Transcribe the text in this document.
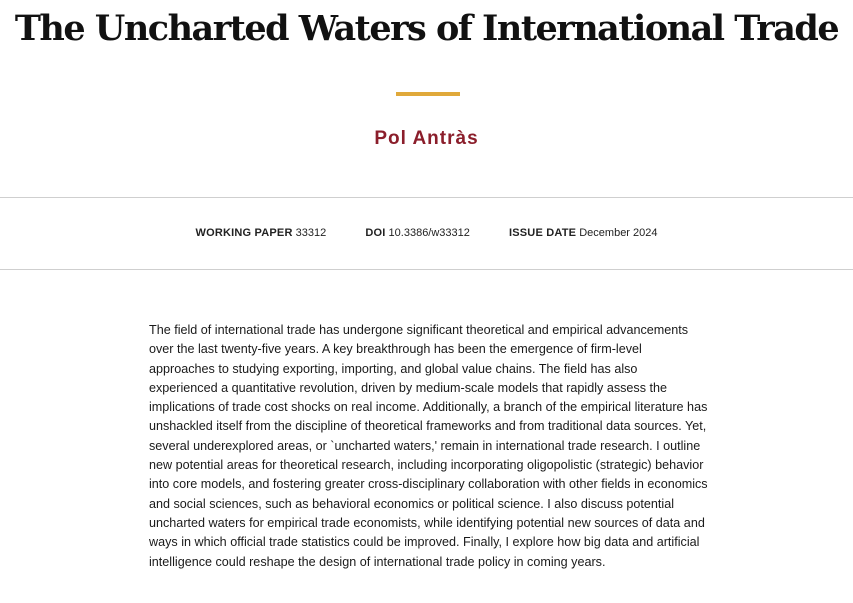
The Uncharted Waters of International Trade
Pol Antràs
WORKING PAPER 33312	DOI 10.3386/w33312	ISSUE DATE December 2024

The field of international trade has undergone significant theoretical and empirical advancements over the last twenty-five years. A key breakthrough has been the emergence of firm-level approaches to studying exporting, importing, and global value chains. The field has also experienced a quantitative revolution, driven by medium-scale models that rapidly assess the implications of trade cost shocks on real income. Additionally, a branch of the empirical literature has unshackled itself from the discipline of theoretical frameworks and from traditional data sources. Yet, several underexplored areas, or `uncharted waters,' remain in international trade research. I outline new potential areas for theoretical research, including incorporating oligopolistic (strategic) behavior into core models, and fostering greater cross-disciplinary collaboration with other fields in economics and social sciences, such as behavioral economics or political science. I also discuss potential uncharted waters for empirical trade economists, while identifying potential new sources of data and ways in which official trade statistics could be improved. Finally, I explore how big data and artificial intelligence could reshape the design of international trade policy in coming years.
